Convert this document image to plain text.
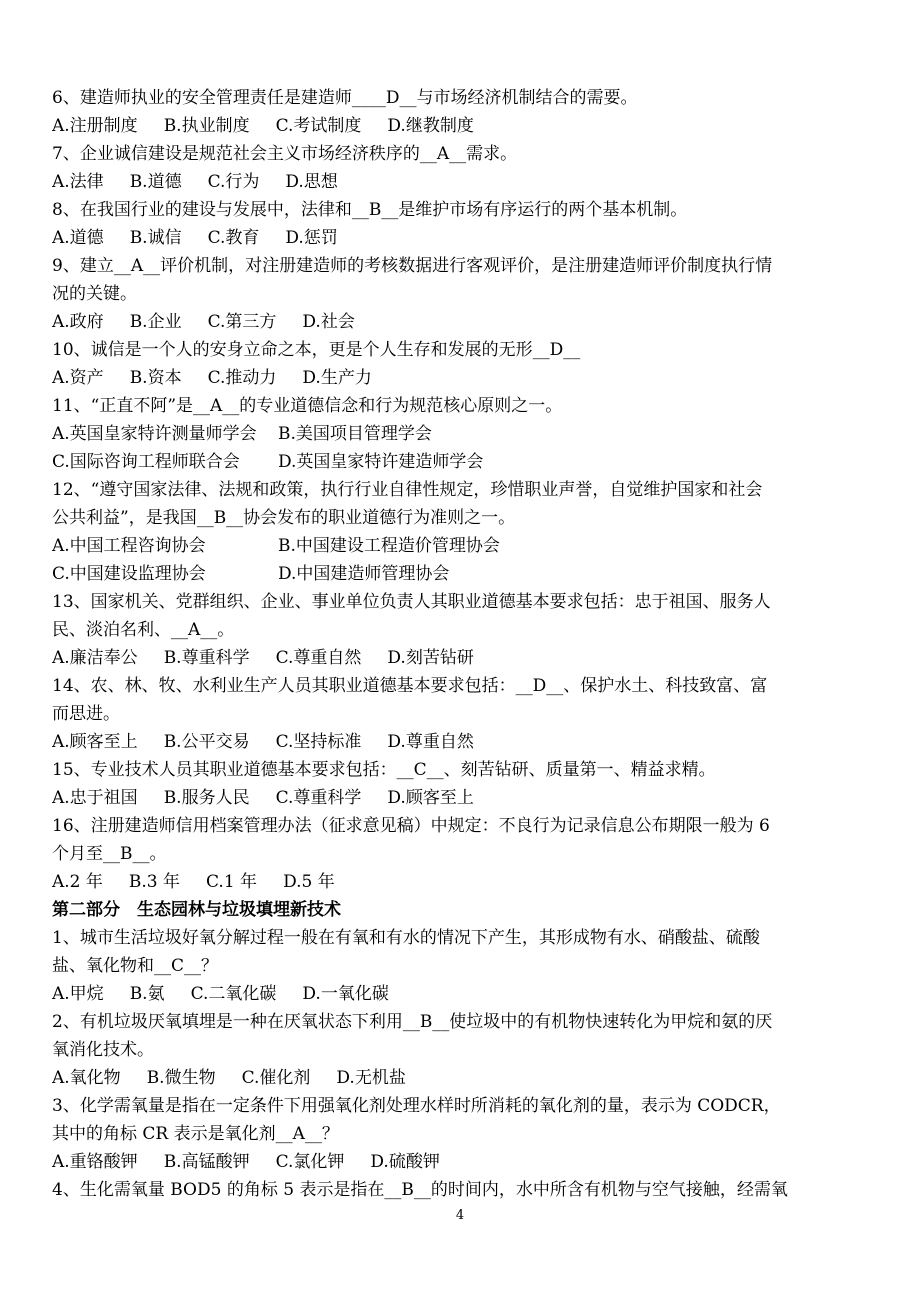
6、建造师执业的安全管理责任是建造师____D__与市场经济机制结合的需要。
A.注册制度 B.执业制度 C.考试制度 D.继教制度
7、企业诚信建设是规范社会主义市场经济秩序的__A__需求。
A.法律 B.道德 C.行为 D.思想
8、在我国行业的建设与发展中，法律和__B__是维护市场有序运行的两个基本机制。
A.道德 B.诚信 C.教育 D.惩罚
9、建立__A__评价机制，对注册建造师的考核数据进行客观评价，是注册建造师评价制度执行情
况的关键。
A.政府 B.企业 C.第三方 D.社会
10、诚信是一个人的安身立命之本，更是个人生存和发展的无形__D__
A.资产 B.资本 C.推动力 D.生产力
11、“正直不阿”是__A__的专业道德信念和行为规范核心原则之一。
A.英国皇家特许测量师学会	B.美国项目管理学会
C.国际咨询工程师联合会	D.英国皇家特许建造师学会
12、“遵守国家法律、法规和政策，执行行业自律性规定，珍惜职业声誉，自觉维护国家和社会
公共利益”，是我国__B__协会发布的职业道德行为准则之一。
A.中国工程咨询协会	B.中国建设工程造价管理协会
C.中国建设监理协会	D.中国建造师管理协会
13、国家机关、党群组织、企业、事业单位负责人其职业道德基本要求包括：忠于祖国、服务人
民、淡泊名利、__A__。
A.廉洁奉公 B.尊重科学 C.尊重自然 D.刻苦钻研
14、农、林、牧、水利业生产人员其职业道德基本要求包括：__D__、保护水土、科技致富、富
而思进。
A.顾客至上 B.公平交易 C.坚持标准 D.尊重自然
15、专业技术人员其职业道德基本要求包括：__C__、刻苦钻研、质量第一、精益求精。
A.忠于祖国 B.服务人民 C.尊重科学 D.顾客至上
16、注册建造师信用档案管理办法（征求意见稿）中规定：不良行为记录信息公布期限一般为 6
个月至__B__。
A.2 年 B.3 年 C.1 年 D.5 年
第二部分　生态园林与垃圾填埋新技术
1、城市生活垃圾好氧分解过程一般在有氧和有水的情况下产生，其形成物有水、硝酸盐、硫酸
盐、氧化物和__C__？
A.甲烷 B.氨 C.二氧化碳 D.一氧化碳
2、有机垃圾厌氧填埋是一种在厌氧状态下利用__B__使垃圾中的有机物快速转化为甲烷和氨的厌
氧消化技术。
A.氧化物 B.微生物 C.催化剂 D.无机盐
3、化学需氧量是指在一定条件下用强氧化剂处理水样时所消耗的氧化剂的量，表示为 CODCR，
其中的角标 CR 表示是氧化剂__A__？
A.重铬酸钾 B.高锰酸钾 C.氯化钾 D.硫酸钾
4、生化需氧量 BOD5 的角标 5 表示是指在__B__的时间内，水中所含有机物与空气接触，经需氧
4
